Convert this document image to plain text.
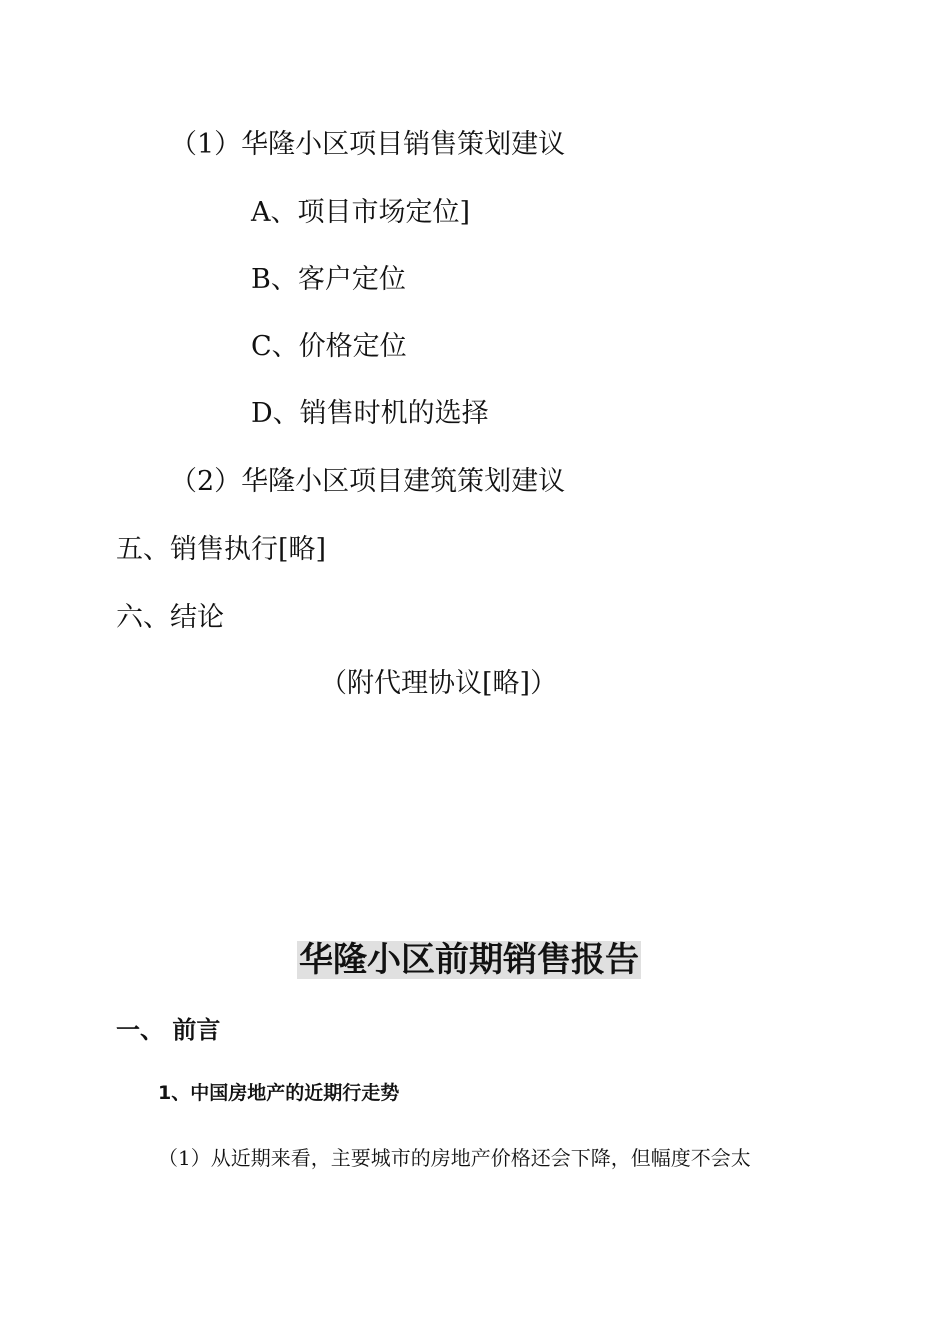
（1）华隆小区项目销售策划建议
A、项目市场定位]
B、客户定位
C、价格定位
D、销售时机的选择
（2）华隆小区项目建筑策划建议
五、销售执行[略]
六、结论
（附代理协议[略]）
华隆小区前期销售报告
一、 前言
1、中国房地产的近期行走势
（1）从近期来看，主要城市的房地产价格还会下降，但幅度不会太
